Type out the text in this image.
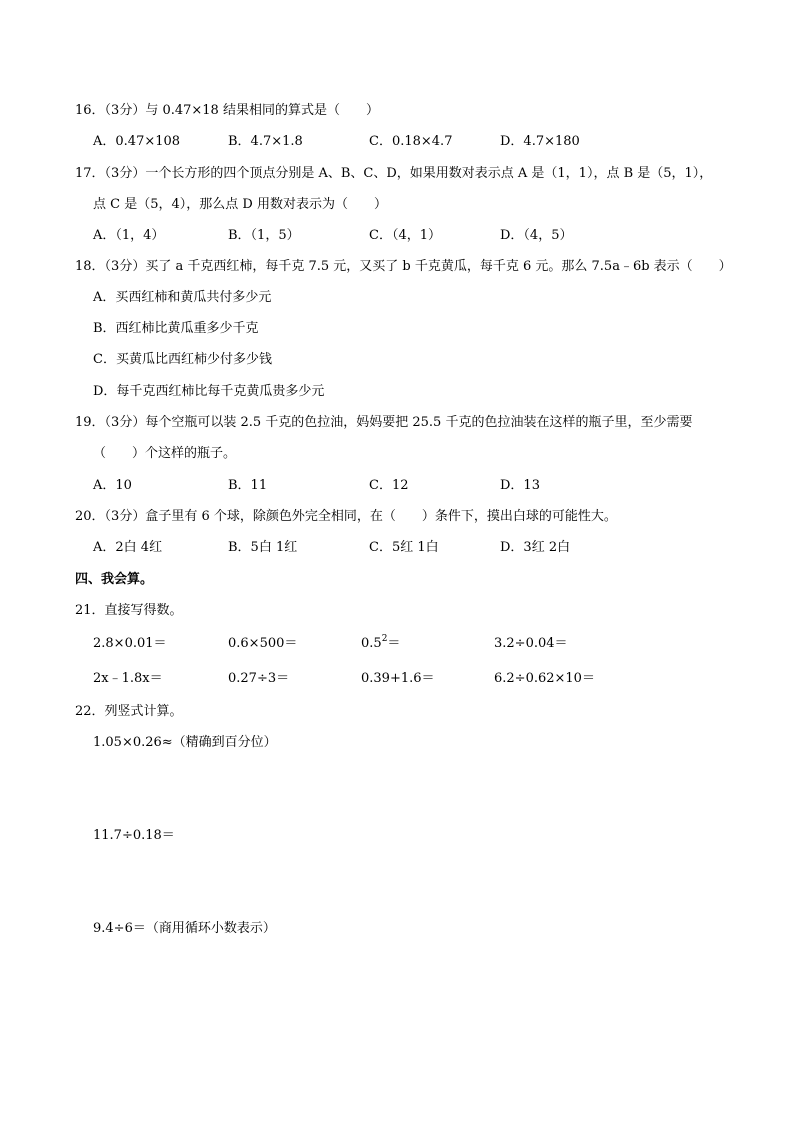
16．（3分）与 0.47×18 结果相同的算式是（　　）
A．0.47×108	B．4.7×1.8	C．0.18×4.7	D．4.7×180
17．（3分）一个长方形的四个顶点分别是 A、B、C、D，如果用数对表示点 A 是（1，1），点 B 是（5，1），
点 C 是（5，4），那么点 D 用数对表示为（　　）
A．（1，4）	B．（1，5）	C．（4，1）	D．（4，5）
18．（3分）买了 a 千克西红柿，每千克 7.5 元，又买了 b 千克黄瓜，每千克 6 元。那么 7.5a﹣6b 表示（　　）
A．买西红柿和黄瓜共付多少元
B．西红柿比黄瓜重多少千克
C．买黄瓜比西红柿少付多少钱
D．每千克西红柿比每千克黄瓜贵多少元
19．（3分）每个空瓶可以装 2.5 千克的色拉油，妈妈要把 25.5 千克的色拉油装在这样的瓶子里，至少需要
（　　）个这样的瓶子。
A．10	B．11	C．12	D．13
20．（3分）盒子里有 6 个球，除颜色外完全相同，在（　　）条件下，摸出白球的可能性大。
A．2白 4红	B．5白 1红	C．5红 1白	D．3红 2白
四、我会算。
21．直接写得数。
2.8×0.01＝	0.6×500＝	$0.5^2=$	3.2÷0.04＝
2x﹣1.8x＝	0.27÷3＝	0.39+1.6＝	6.2÷0.62×10＝
22．列竖式计算。
1.05×0.26≈（精确到百分位）
11.7÷0.18＝
9.4÷6＝（商用循环小数表示）
